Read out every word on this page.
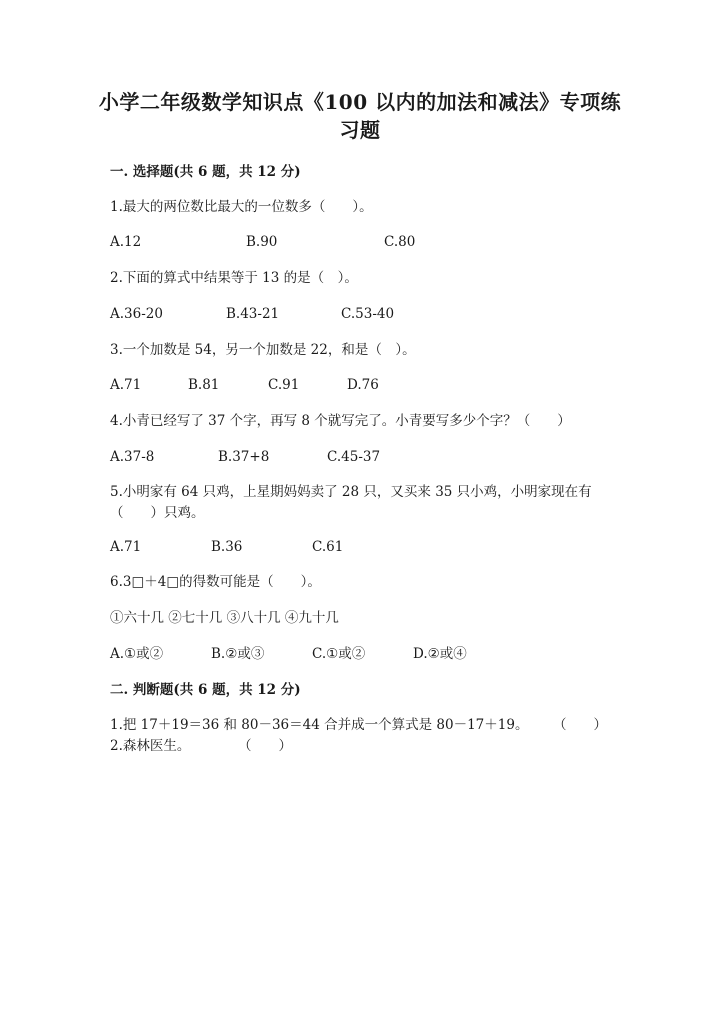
小学二年级数学知识点《100 以内的加法和减法》专项练习题
一. 选择题(共 6 题，共 12 分)
1.最大的两位数比最大的一位数多（　　）。
A.12	B.90	C.80
2.下面的算式中结果等于 13 的是（　）。
A.36-20	B.43-21	C.53-40
3.一个加数是 54，另一个加数是 22，和是（　）。
A.71	B.81	C.91	D.76
4.小青已经写了 37 个字，再写 8 个就写完了。小青要写多少个字？（　　）
A.37-8	B.37+8	C.45-37
5.小明家有 64 只鸡，上星期妈妈卖了 28 只，又买来 35 只小鸡，小明家现在有（　　）只鸡。
A.71	B.36	C.61
6.3□＋4□的得数可能是（　　）。
①六十几 ②七十几 ③八十几 ④九十几
A.①或②	B.②或③	C.①或②	D.②或④
二. 判断题(共 6 题，共 12 分)
1.把 17＋19＝36 和 80－36＝44 合并成一个算式是 80－17＋19。 （　　）
2.森林医生。	（　　）
